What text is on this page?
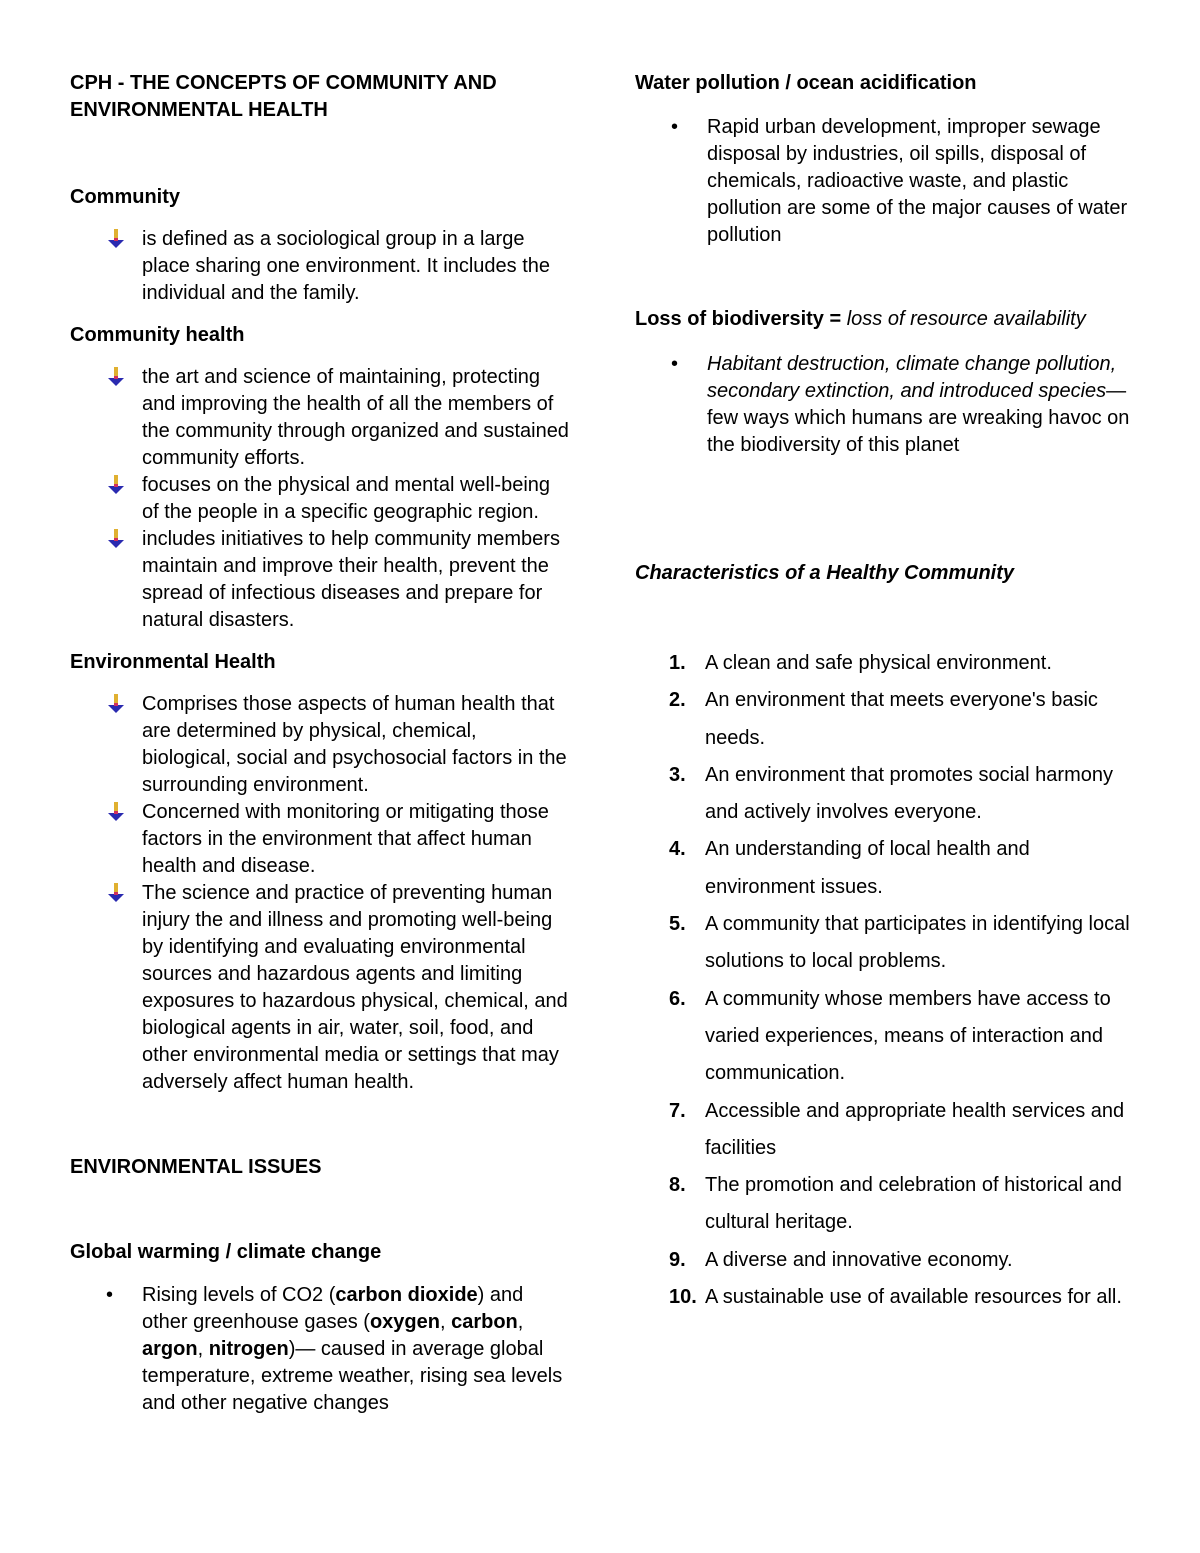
CPH - THE CONCEPTS OF COMMUNITY AND ENVIRONMENTAL HEALTH
Community
is defined as a sociological group in a large place sharing one environment. It includes the individual and the family.
Community health
the art and science of maintaining, protecting and improving the health of all the members of the community through organized and sustained community efforts.
focuses on the physical and mental well-being of the people in a specific geographic region.
includes initiatives to help community members maintain and improve their health, prevent the spread of infectious diseases and prepare for natural disasters.
Environmental Health
Comprises those aspects of human health that are determined by physical, chemical, biological, social and psychosocial factors in the surrounding environment.
Concerned with monitoring or mitigating those factors in the environment that affect human health and disease.
The science and practice of preventing human injury the and illness and promoting well-being by identifying and evaluating environmental sources and hazardous agents and limiting exposures to hazardous physical, chemical, and biological agents in air, water, soil, food, and other environmental media or settings that may adversely affect human health.
ENVIRONMENTAL ISSUES
Global warming / climate change
• Rising levels of CO2 (carbon dioxide) and other greenhouse gases (oxygen, carbon, argon, nitrogen)— caused in average global temperature, extreme weather, rising sea levels and other negative changes
Water pollution / ocean acidification
• Rapid urban development, improper sewage disposal by industries, oil spills, disposal of chemicals, radioactive waste, and plastic pollution are some of the major causes of water pollution
Loss of biodiversity = loss of resource availability
• Habitant destruction, climate change pollution, secondary extinction, and introduced species— few ways which humans are wreaking havoc on the biodiversity of this planet
Characteristics of a Healthy Community
1. A clean and safe physical environment.
2. An environment that meets everyone's basic needs.
3. An environment that promotes social harmony and actively involves everyone.
4. An understanding of local health and environment issues.
5. A community that participates in identifying local solutions to local problems.
6. A community whose members have access to varied experiences, means of interaction and communication.
7. Accessible and appropriate health services and facilities
8. The promotion and celebration of historical and cultural heritage.
9. A diverse and innovative economy.
10. A sustainable use of available resources for all.
